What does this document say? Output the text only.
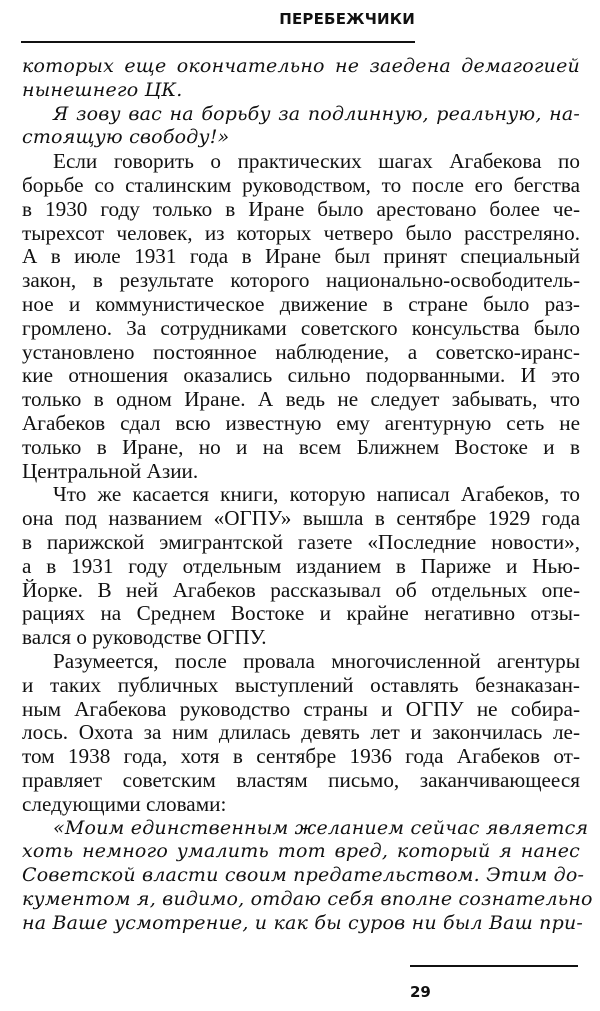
ПЕРЕБЕЖЧИКИ
которых еще окончательно не заедена демагогией
нынешнего ЦК.
Я зову вас на борьбу за подлинную, реальную, на-
стоящую свободу!»
Если говорить о практических шагах Агабекова по
борьбе со сталинским руководством, то после его бегства
в 1930 году только в Иране было арестовано более че-
тырехсот человек, из которых четверо было расстреляно.
А в июле 1931 года в Иране был принят специальный
закон, в результате которого национально-освободитель-
ное и коммунистическое движение в стране было раз-
громлено. За сотрудниками советского консульства было
установлено постоянное наблюдение, а советско-иранс-
кие отношения оказались сильно подорванными. И это
только в одном Иране. А ведь не следует забывать, что
Агабеков сдал всю известную ему агентурную сеть не
только в Иране, но и на всем Ближнем Востоке и в
Центральной Азии.
Что же касается книги, которую написал Агабеков, то
она под названием «ОГПУ» вышла в сентябре 1929 года
в парижской эмигрантской газете «Последние новости»,
а в 1931 году отдельным изданием в Париже и Нью-
Йорке. В ней Агабеков рассказывал об отдельных опе-
рациях на Среднем Востоке и крайне негативно отзы-
вался о руководстве ОГПУ.
Разумеется, после провала многочисленной агентуры
и таких публичных выступлений оставлять безнаказан-
ным Агабекова руководство страны и ОГПУ не собира-
лось. Охота за ним длилась девять лет и закончилась ле-
том 1938 года, хотя в сентябре 1936 года Агабеков от-
правляет советским властям письмо, заканчивающееся
следующими словами:
«Моим единственным желанием сейчас является
хоть немного умалить тот вред, который я нанес
Советской власти своим предательством. Этим до-
кументом я, видимо, отдаю себя вполне сознательно
на Ваше усмотрение, и как бы суров ни был Ваш при-
29
